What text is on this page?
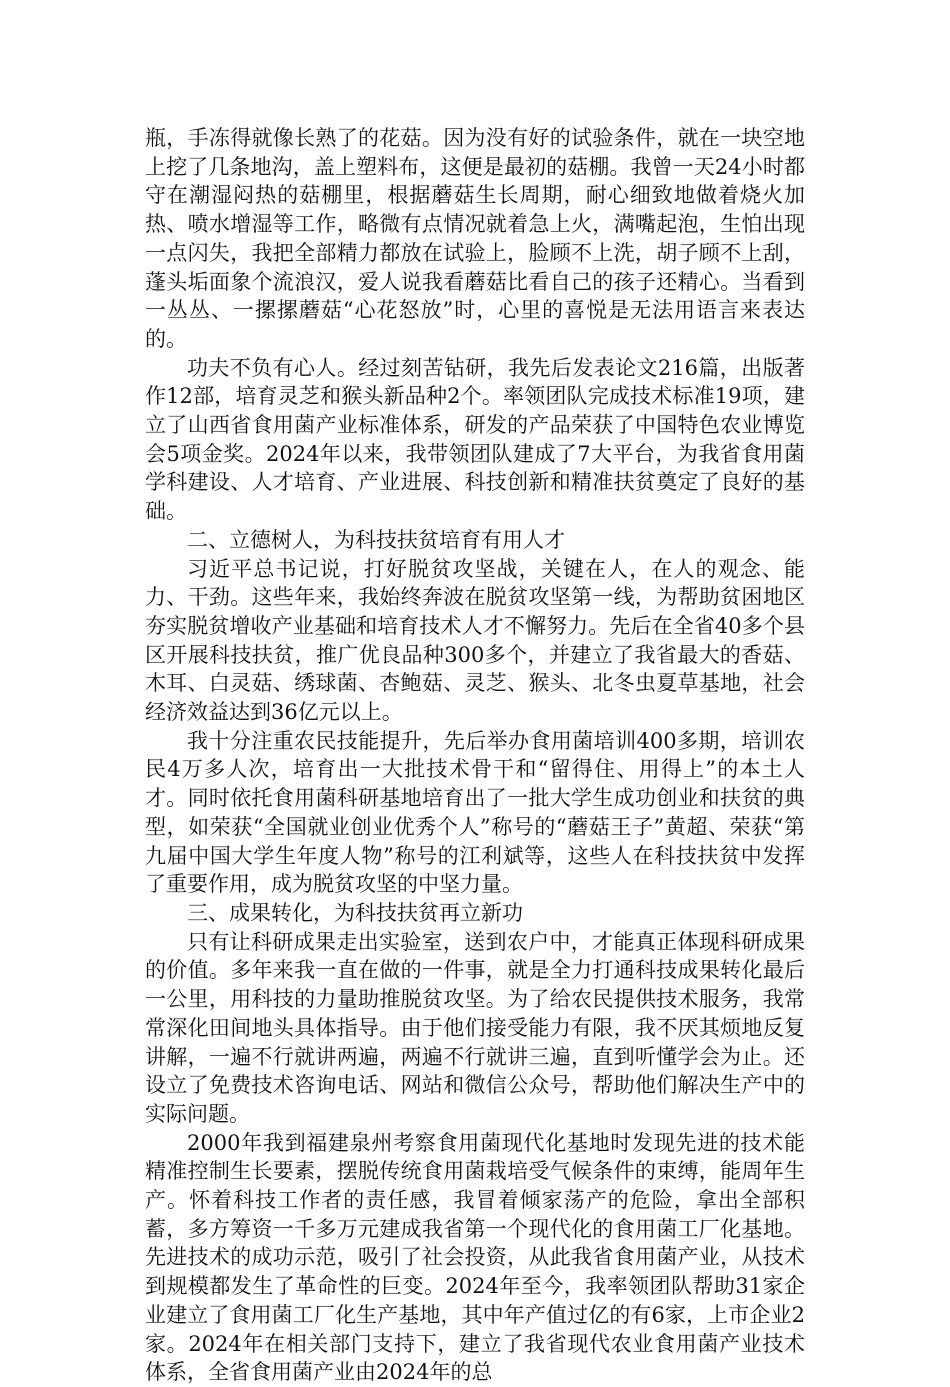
瓶，手冻得就像长熟了的花菇。因为没有好的试验条件，就在一块空地上挖了几条地沟，盖上塑料布，这便是最初的菇棚。我曾一天24小时都守在潮湿闷热的菇棚里，根据蘑菇生长周期，耐心细致地做着烧火加热、喷水增湿等工作，略微有点情况就着急上火，满嘴起泡，生怕出现一点闪失，我把全部精力都放在试验上，脸顾不上洗，胡子顾不上刮，蓬头垢面象个流浪汉，爱人说我看蘑菇比看自己的孩子还精心。当看到一丛丛、一摞摞蘑菇“心花怒放”时，心里的喜悦是无法用语言来表达的。

功夫不负有心人。经过刻苦钻研，我先后发表论文216篇，出版著作12部，培育灵芝和猴头新品种2个。率领团队完成技术标准19项，建立了山西省食用菌产业标准体系，研发的产品荣获了中国特色农业博览会5项金奖。2024年以来，我带领团队建成了7大平台，为我省食用菌学科建设、人才培育、产业进展、科技创新和精准扶贫奠定了良好的基础。

二、立德树人，为科技扶贫培育有用人才

习近平总书记说，打好脱贫攻坚战，关键在人，在人的观念、能力、干劲。这些年来，我始终奔波在脱贫攻坚第一线，为帮助贫困地区夯实脱贫增收产业基础和培育技术人才不懈努力。先后在全省40多个县区开展科技扶贫，推广优良品种300多个，并建立了我省最大的香菇、木耳、白灵菇、绣球菌、杏鲍菇、灵芝、猴头、北冬虫夏草基地，社会经济效益达到36亿元以上。

我十分注重农民技能提升，先后举办食用菌培训400多期，培训农民4万多人次，培育出一大批技术骨干和“留得住、用得上”的本土人才。同时依托食用菌科研基地培育出了一批大学生成功创业和扶贫的典型，如荣获“全国就业创业优秀个人”称号的“蘑菇王子”黄超、荣获“第九届中国大学生年度人物”称号的江利斌等，这些人在科技扶贫中发挥了重要作用，成为脱贫攻坚的中坚力量。

三、成果转化，为科技扶贫再立新功

只有让科研成果走出实验室，送到农户中，才能真正体现科研成果的价值。多年来我一直在做的一件事，就是全力打通科技成果转化最后一公里，用科技的力量助推脱贫攻坚。为了给农民提供技术服务，我常常深化田间地头具体指导。由于他们接受能力有限，我不厌其烦地反复讲解，一遍不行就讲两遍，两遍不行就讲三遍，直到听懂学会为止。还设立了免费技术咨询电话、网站和微信公众号，帮助他们解决生产中的实际问题。

2000年我到福建泉州考察食用菌现代化基地时发现先进的技术能精准控制生长要素，摆脱传统食用菌栽培受气候条件的束缚，能周年生产。怀着科技工作者的责任感，我冒着倾家荡产的危险，拿出全部积蓄，多方筹资一千多万元建成我省第一个现代化的食用菌工厂化基地。先进技术的成功示范，吸引了社会投资，从此我省食用菌产业，从技术到规模都发生了革命性的巨变。2024年至今，我率领团队帮助31家企业建立了食用菌工厂化生产基地，其中年产值过亿的有6家，上市企业2家。2024年在相关部门支持下，建立了我省现代农业食用菌产业技术体系，全省食用菌产业由2024年的总
